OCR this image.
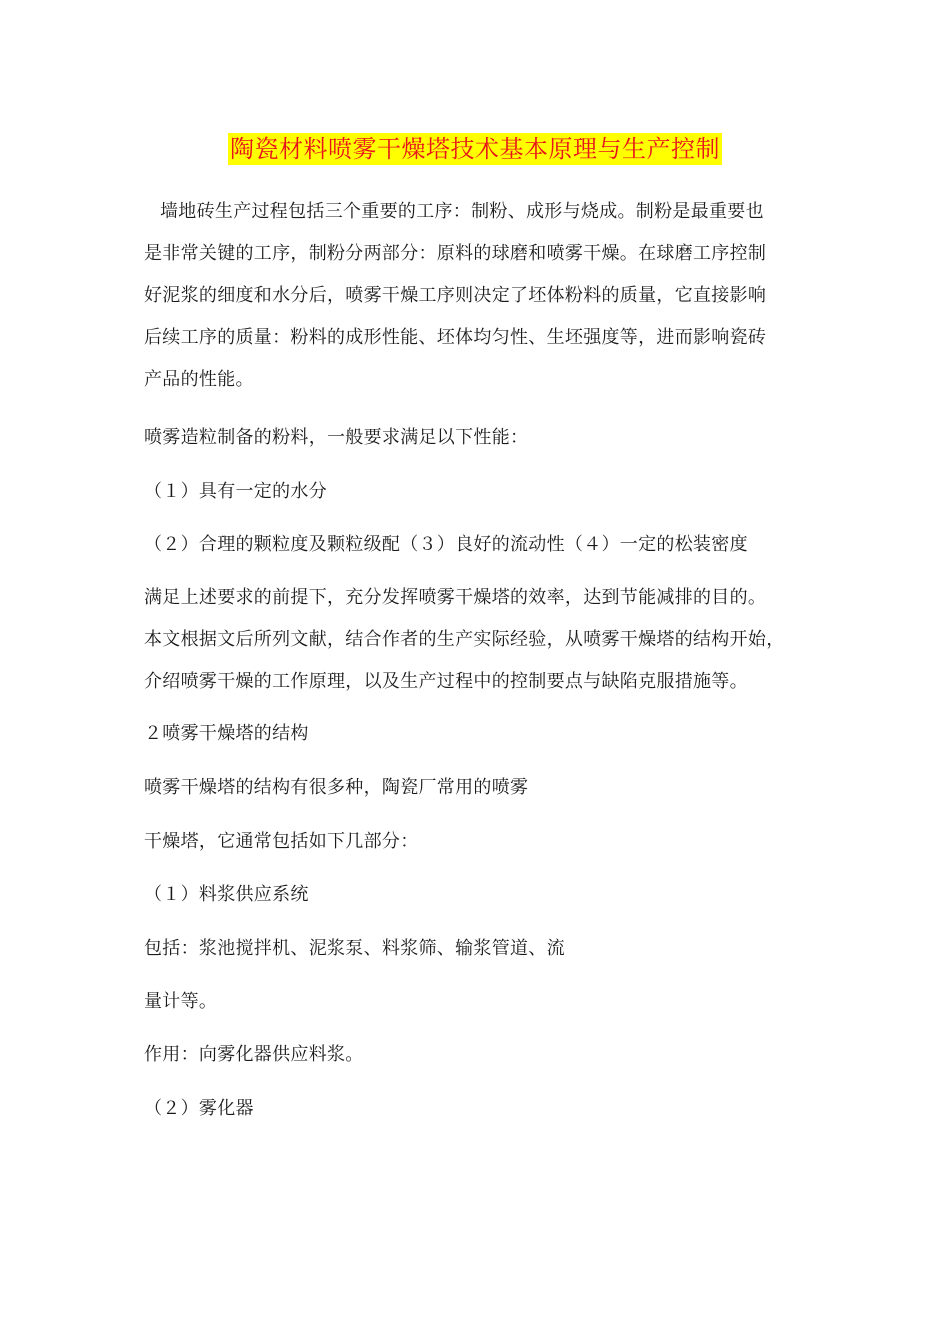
陶瓷材料喷雾干燥塔技术基本原理与生产控制
墙地砖生产过程包括三个重要的工序：制粉、成形与烧成。制粉是最重要也
是非常关键的工序，制粉分两部分：原料的球磨和喷雾干燥。在球磨工序控制
好泥浆的细度和水分后，喷雾干燥工序则决定了坯体粉料的质量，它直接影响
后续工序的质量：粉料的成形性能、坯体均匀性、生坯强度等，进而影响瓷砖
产品的性能。
喷雾造粒制备的粉料，一般要求满足以下性能：
（１）具有一定的水分
（２）合理的颗粒度及颗粒级配（３）良好的流动性（４）一定的松装密度
满足上述要求的前提下，充分发挥喷雾干燥塔的效率，达到节能减排的目的。
本文根据文后所列文献，结合作者的生产实际经验，从喷雾干燥塔的结构开始，
介绍喷雾干燥的工作原理，以及生产过程中的控制要点与缺陷克服措施等。
２喷雾干燥塔的结构
喷雾干燥塔的结构有很多种，陶瓷厂常用的喷雾
干燥塔，它通常包括如下几部分：
（１）料浆供应系统
包括：浆池搅拌机、泥浆泵、料浆筛、输浆管道、流
量计等。
作用：向雾化器供应料浆。
（２）雾化器
